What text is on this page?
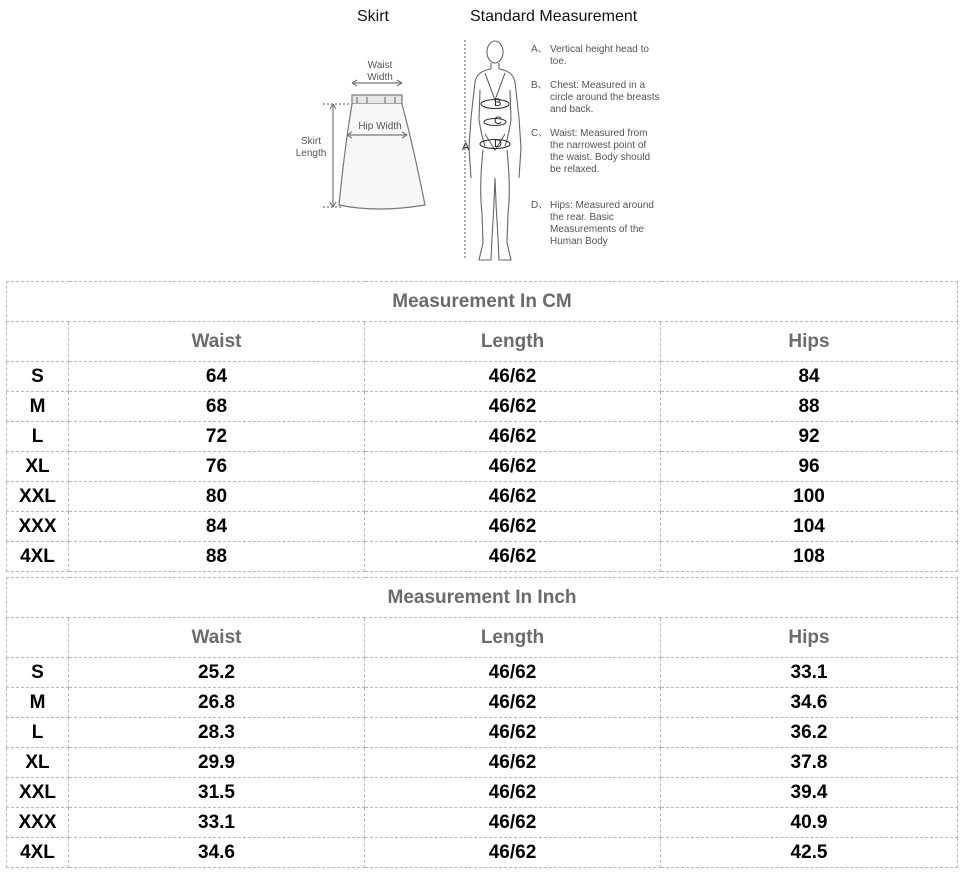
Skirt	Standard Measurement
Waist Width
Hip Width
Skirt Length
A
B
C
D
A、 Vertical height head to toe.
B、 Chest: Measured in a circle around the breasts and back.
C、 Waist: Measured from the narrowest point of the waist. Body should be relaxed.
D、 Hips: Measured around the rear. Basic Measurements of the Human Body
Measurement In CM			
	Waist	Length	Hips
S	64	46/62	84
M	68	46/62	88
L	72	46/62	92
XL	76	46/62	96
XXL	80	46/62	100
XXX	84	46/62	104
4XL	88	46/62	108
Measurement In Inch			
	Waist	Length	Hips
S	25.2	46/62	33.1
M	26.8	46/62	34.6
L	28.3	46/62	36.2
XL	29.9	46/62	37.8
XXL	31.5	46/62	39.4
XXX	33.1	46/62	40.9
4XL	34.6	46/62	42.5
